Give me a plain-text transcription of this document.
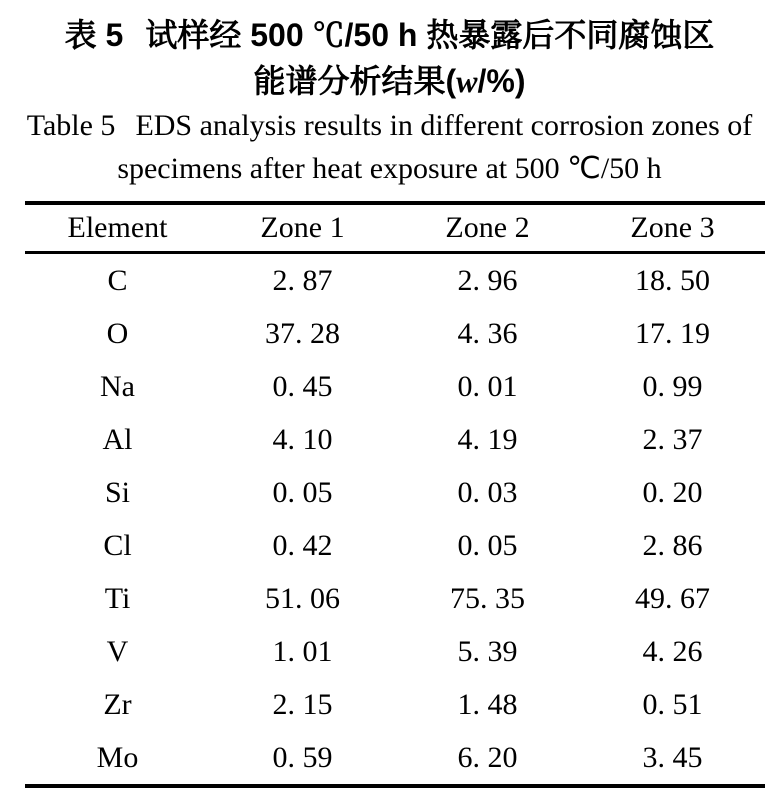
表 5 试样经 500 ℃/50 h 热暴露后不同腐蚀区
能谱分析结果(w/%)
Table 5 EDS analysis results in different corrosion zones of
specimens after heat exposure at 500 ℃/50 h
Element	Zone 1	Zone 2	Zone 3
C	2. 87	2. 96	18. 50
O	37. 28	4. 36	17. 19
Na	0. 45	0. 01	0. 99
Al	4. 10	4. 19	2. 37
Si	0. 05	0. 03	0. 20
Cl	0. 42	0. 05	2. 86
Ti	51. 06	75. 35	49. 67
V	1. 01	5. 39	4. 26
Zr	2. 15	1. 48	0. 51
Mo	0. 59	6. 20	3. 45
